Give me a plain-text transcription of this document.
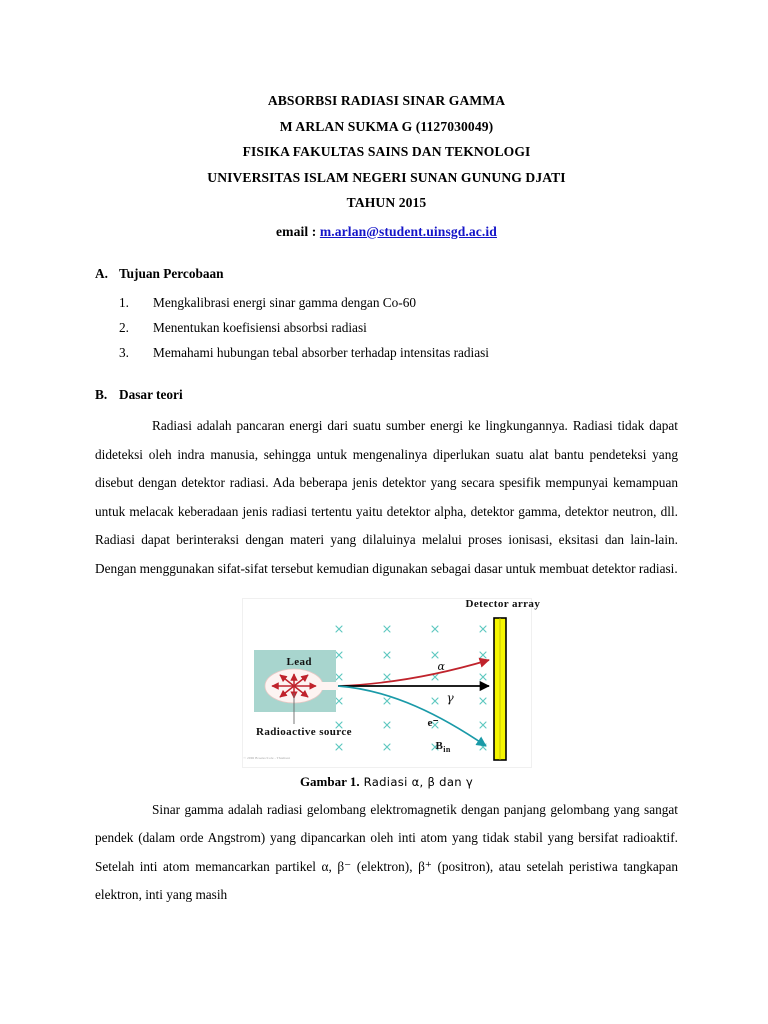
ABSORBSI RADIASI SINAR GAMMA
M ARLAN SUKMA G (1127030049)
FISIKA FAKULTAS SAINS DAN TEKNOLOGI
UNIVERSITAS ISLAM NEGERI SUNAN GUNUNG DJATI
TAHUN 2015
email : m.arlan@student.uinsgd.ac.id
A. Tujuan Percobaan
1.	Mengkalibrasi energi sinar gamma dengan Co-60
2.	Menentukan koefisiensi absorbsi radiasi
3.	Memahami hubungan tebal absorber terhadap intensitas radiasi
B. Dasar teori

Radiasi adalah pancaran energi dari suatu sumber energi ke lingkungannya. Radiasi tidak dapat dideteksi oleh indra manusia, sehingga untuk mengenalinya diperlukan suatu alat bantu pendeteksi yang disebut dengan detektor radiasi. Ada beberapa jenis detektor yang secara spesifik mempunyai kemampuan untuk melacak keberadaan jenis radiasi tertentu yaitu detektor alpha, detektor gamma, detektor neutron, dll. Radiasi dapat berinteraksi dengan materi yang dilaluinya melalui proses ionisasi, eksitasi dan lain-lain. Dengan menggunakan sifat-sifat tersebut kemudian digunakan sebagai dasar untuk membuat detektor radiasi.

Detector array
Lead
Radioactive source
α
γ
e⁻
$B_{in}$
© 2006 Brooks/Cole - Thomson
Gambar 1. Radiasi α, β dan γ

Sinar gamma adalah radiasi gelombang elektromagnetik dengan panjang gelombang yang sangat pendek (dalam orde Angstrom) yang dipancarkan oleh inti atom yang tidak stabil yang bersifat radioaktif. Setelah inti atom memancarkan partikel α, β⁻ (elektron), β⁺ (positron), atau setelah peristiwa tangkapan elektron, inti yang masih
